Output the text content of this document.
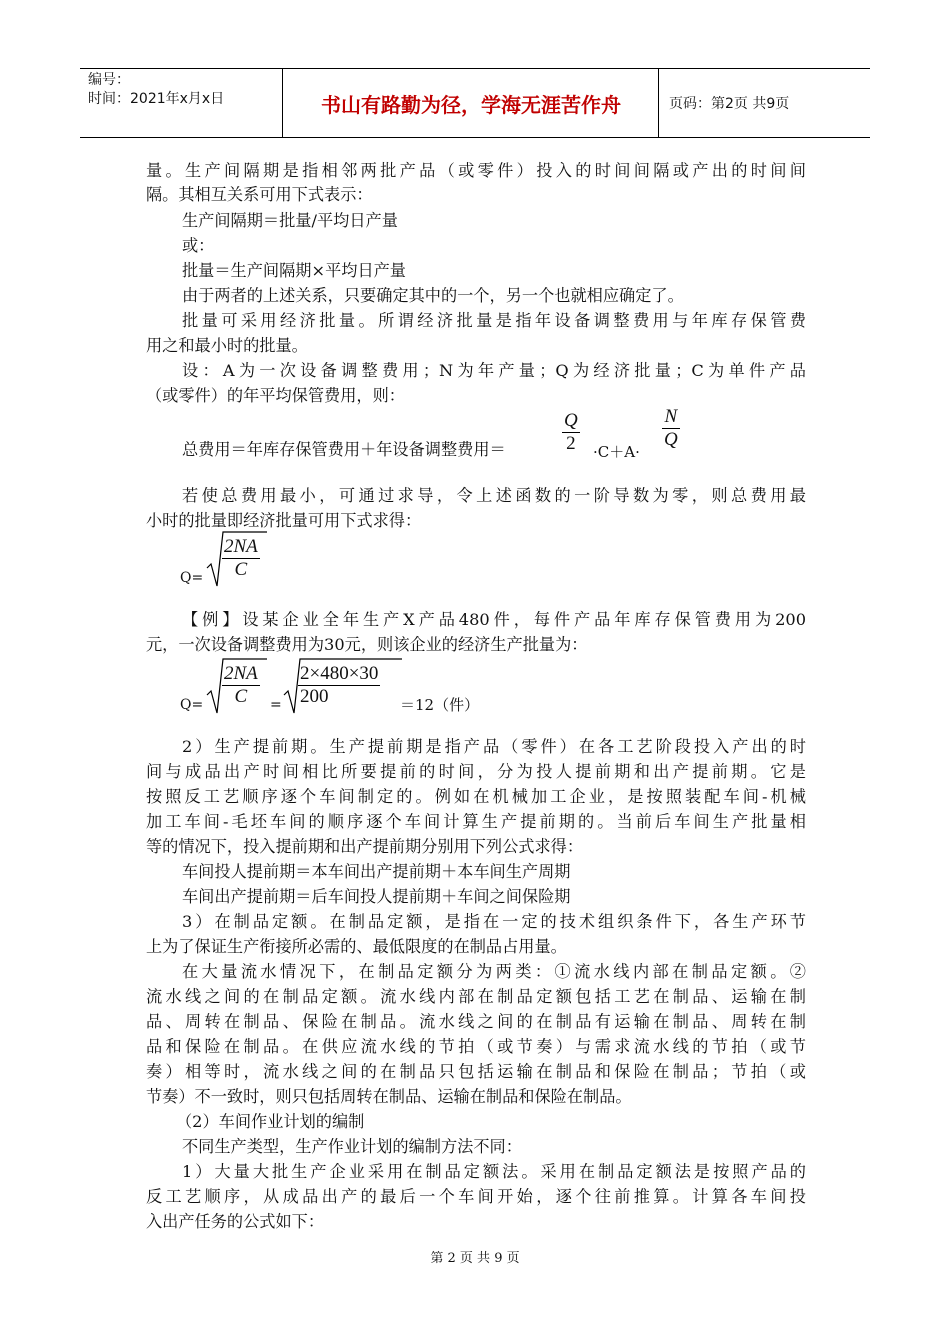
编号：
时间：2021年x月x日	书山有路勤为径，学海无涯苦作舟	页码：第2页 共9页
量。生产间隔期是指相邻两批产品（或零件）投入的时间间隔或产出的时间间
隔。其相互关系可用下式表示：
生产间隔期＝批量/平均日产量
或：
批量＝生产间隔期×平均日产量
由于两者的上述关系，只要确定其中的一个，另一个也就相应确定了。
批量可采用经济批量。所谓经济批量是指年设备调整费用与年库存保管费
用之和最小时的批量。
设：A为一次设备调整费用；N为年产量；Q为经济批量；C为单件产品
（或零件）的年平均保管费用，则：
总费用＝年库存保管费用＋年设备调整费用＝	$\frac{Q}{2} \cdot C+A\cdot$
$\frac{N}{Q}$
若使总费用最小，可通过求导，令上述函数的一阶导数为零，则总费用最
小时的批量即经济批量可用下式求得：
$Q= \frac{2NA}{C}$
【例】设某企业全年生产X产品480件，每件产品年库存保管费用为200
元，一次设备调整费用为30元，则该企业的经济生产批量为：
$Q= \frac{2NA}{C} = \frac{2\times 480\times 30}{200} =12$（件）
2）生产提前期。生产提前期是指产品（零件）在各工艺阶段投入产出的时
间与成品出产时间相比所要提前的时间，分为投人提前期和出产提前期。它是
按照反工艺顺序逐个车间制定的。例如在机械加工企业，是按照装配车间-机械
加工车间-毛坯车间的顺序逐个车间计算生产提前期的。当前后车间生产批量相
等的情况下，投入提前期和出产提前期分别用下列公式求得：
车间投人提前期＝本车间出产提前期＋本车间生产周期
车间出产提前期＝后车间投人提前期＋车间之间保险期
3）在制品定额。在制品定额，是指在一定的技术组织条件下，各生产环节
上为了保证生产衔接所必需的、最低限度的在制品占用量。
在大量流水情况下，在制品定额分为两类：①流水线内部在制品定额。②
流水线之间的在制品定额。流水线内部在制品定额包括工艺在制品、运输在制
品、周转在制品、保险在制品。流水线之间的在制品有运输在制品、周转在制
品和保险在制品。在供应流水线的节拍（或节奏）与需求流水线的节拍（或节
奏）相等时，流水线之间的在制品只包括运输在制品和保险在制品；节拍（或
节奏）不一致时，则只包括周转在制品、运输在制品和保险在制品。
（2）车间作业计划的编制
不同生产类型，生产作业计划的编制方法不同：
1）大量大批生产企业采用在制品定额法。采用在制品定额法是按照产品的
反工艺顺序，从成品出产的最后一个车间开始，逐个往前推算。计算各车间投
入出产任务的公式如下：
第 2 页 共 9 页
